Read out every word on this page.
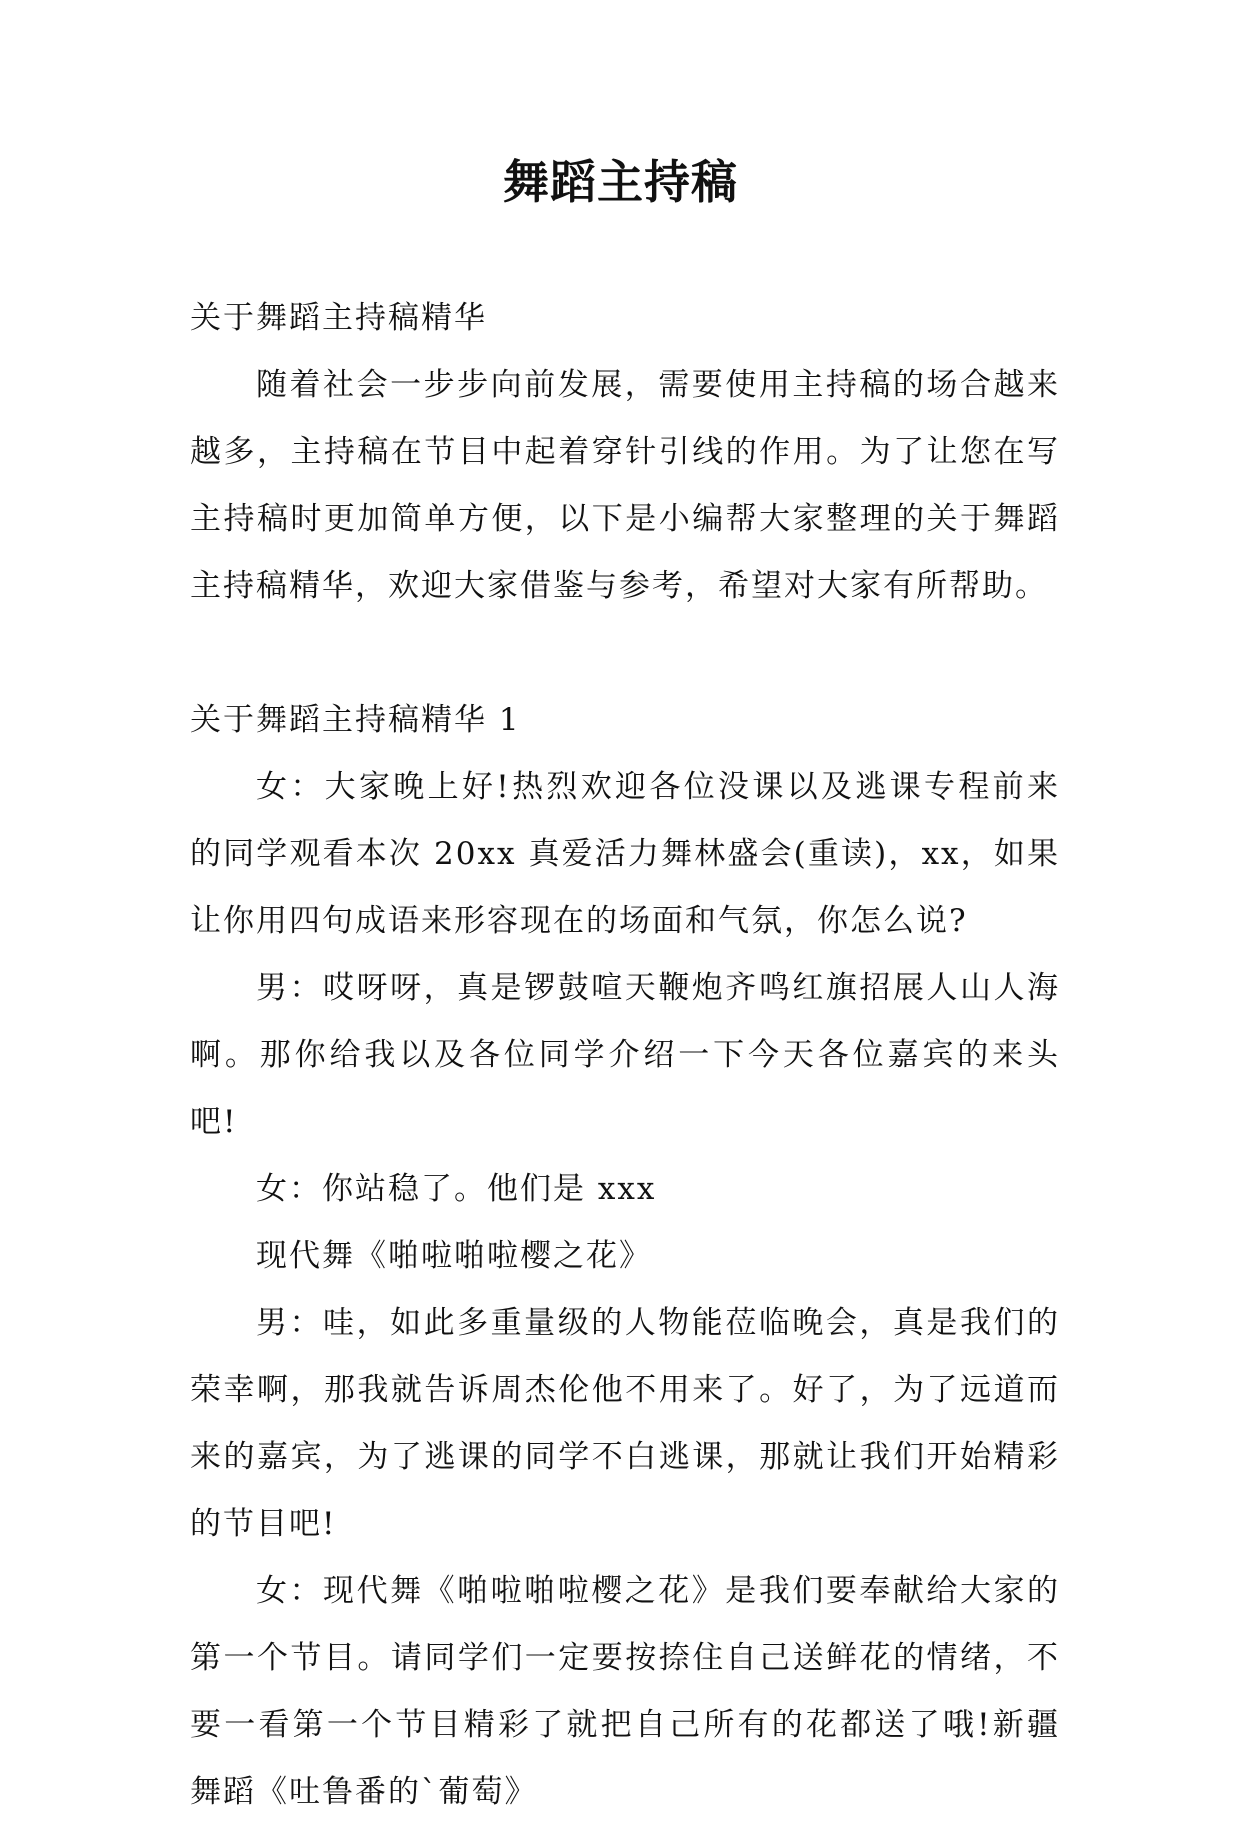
舞蹈主持稿

关于舞蹈主持稿精华

随着社会一步步向前发展，需要使用主持稿的场合越来越多，主持稿在节目中起着穿针引线的作用。为了让您在写主持稿时更加简单方便，以下是小编帮大家整理的关于舞蹈主持稿精华，欢迎大家借鉴与参考，希望对大家有所帮助。

关于舞蹈主持稿精华 1

女：大家晚上好!热烈欢迎各位没课以及逃课专程前来的同学观看本次 20xx 真爱活力舞林盛会(重读)，xx，如果让你用四句成语来形容现在的场面和气氛，你怎么说?

男：哎呀呀，真是锣鼓喧天鞭炮齐鸣红旗招展人山人海啊。那你给我以及各位同学介绍一下今天各位嘉宾的来头吧!

女：你站稳了。他们是 xxx

现代舞《啪啦啪啦樱之花》

男：哇，如此多重量级的人物能莅临晚会，真是我们的荣幸啊，那我就告诉周杰伦他不用来了。好了，为了远道而来的嘉宾，为了逃课的同学不白逃课，那就让我们开始精彩的节目吧!

女：现代舞《啪啦啪啦樱之花》是我们要奉献给大家的第一个节目。请同学们一定要按捺住自己送鲜花的情绪，不要一看第一个节目精彩了就把自己所有的花都送了哦!新疆舞蹈《吐鲁番的`葡萄》
